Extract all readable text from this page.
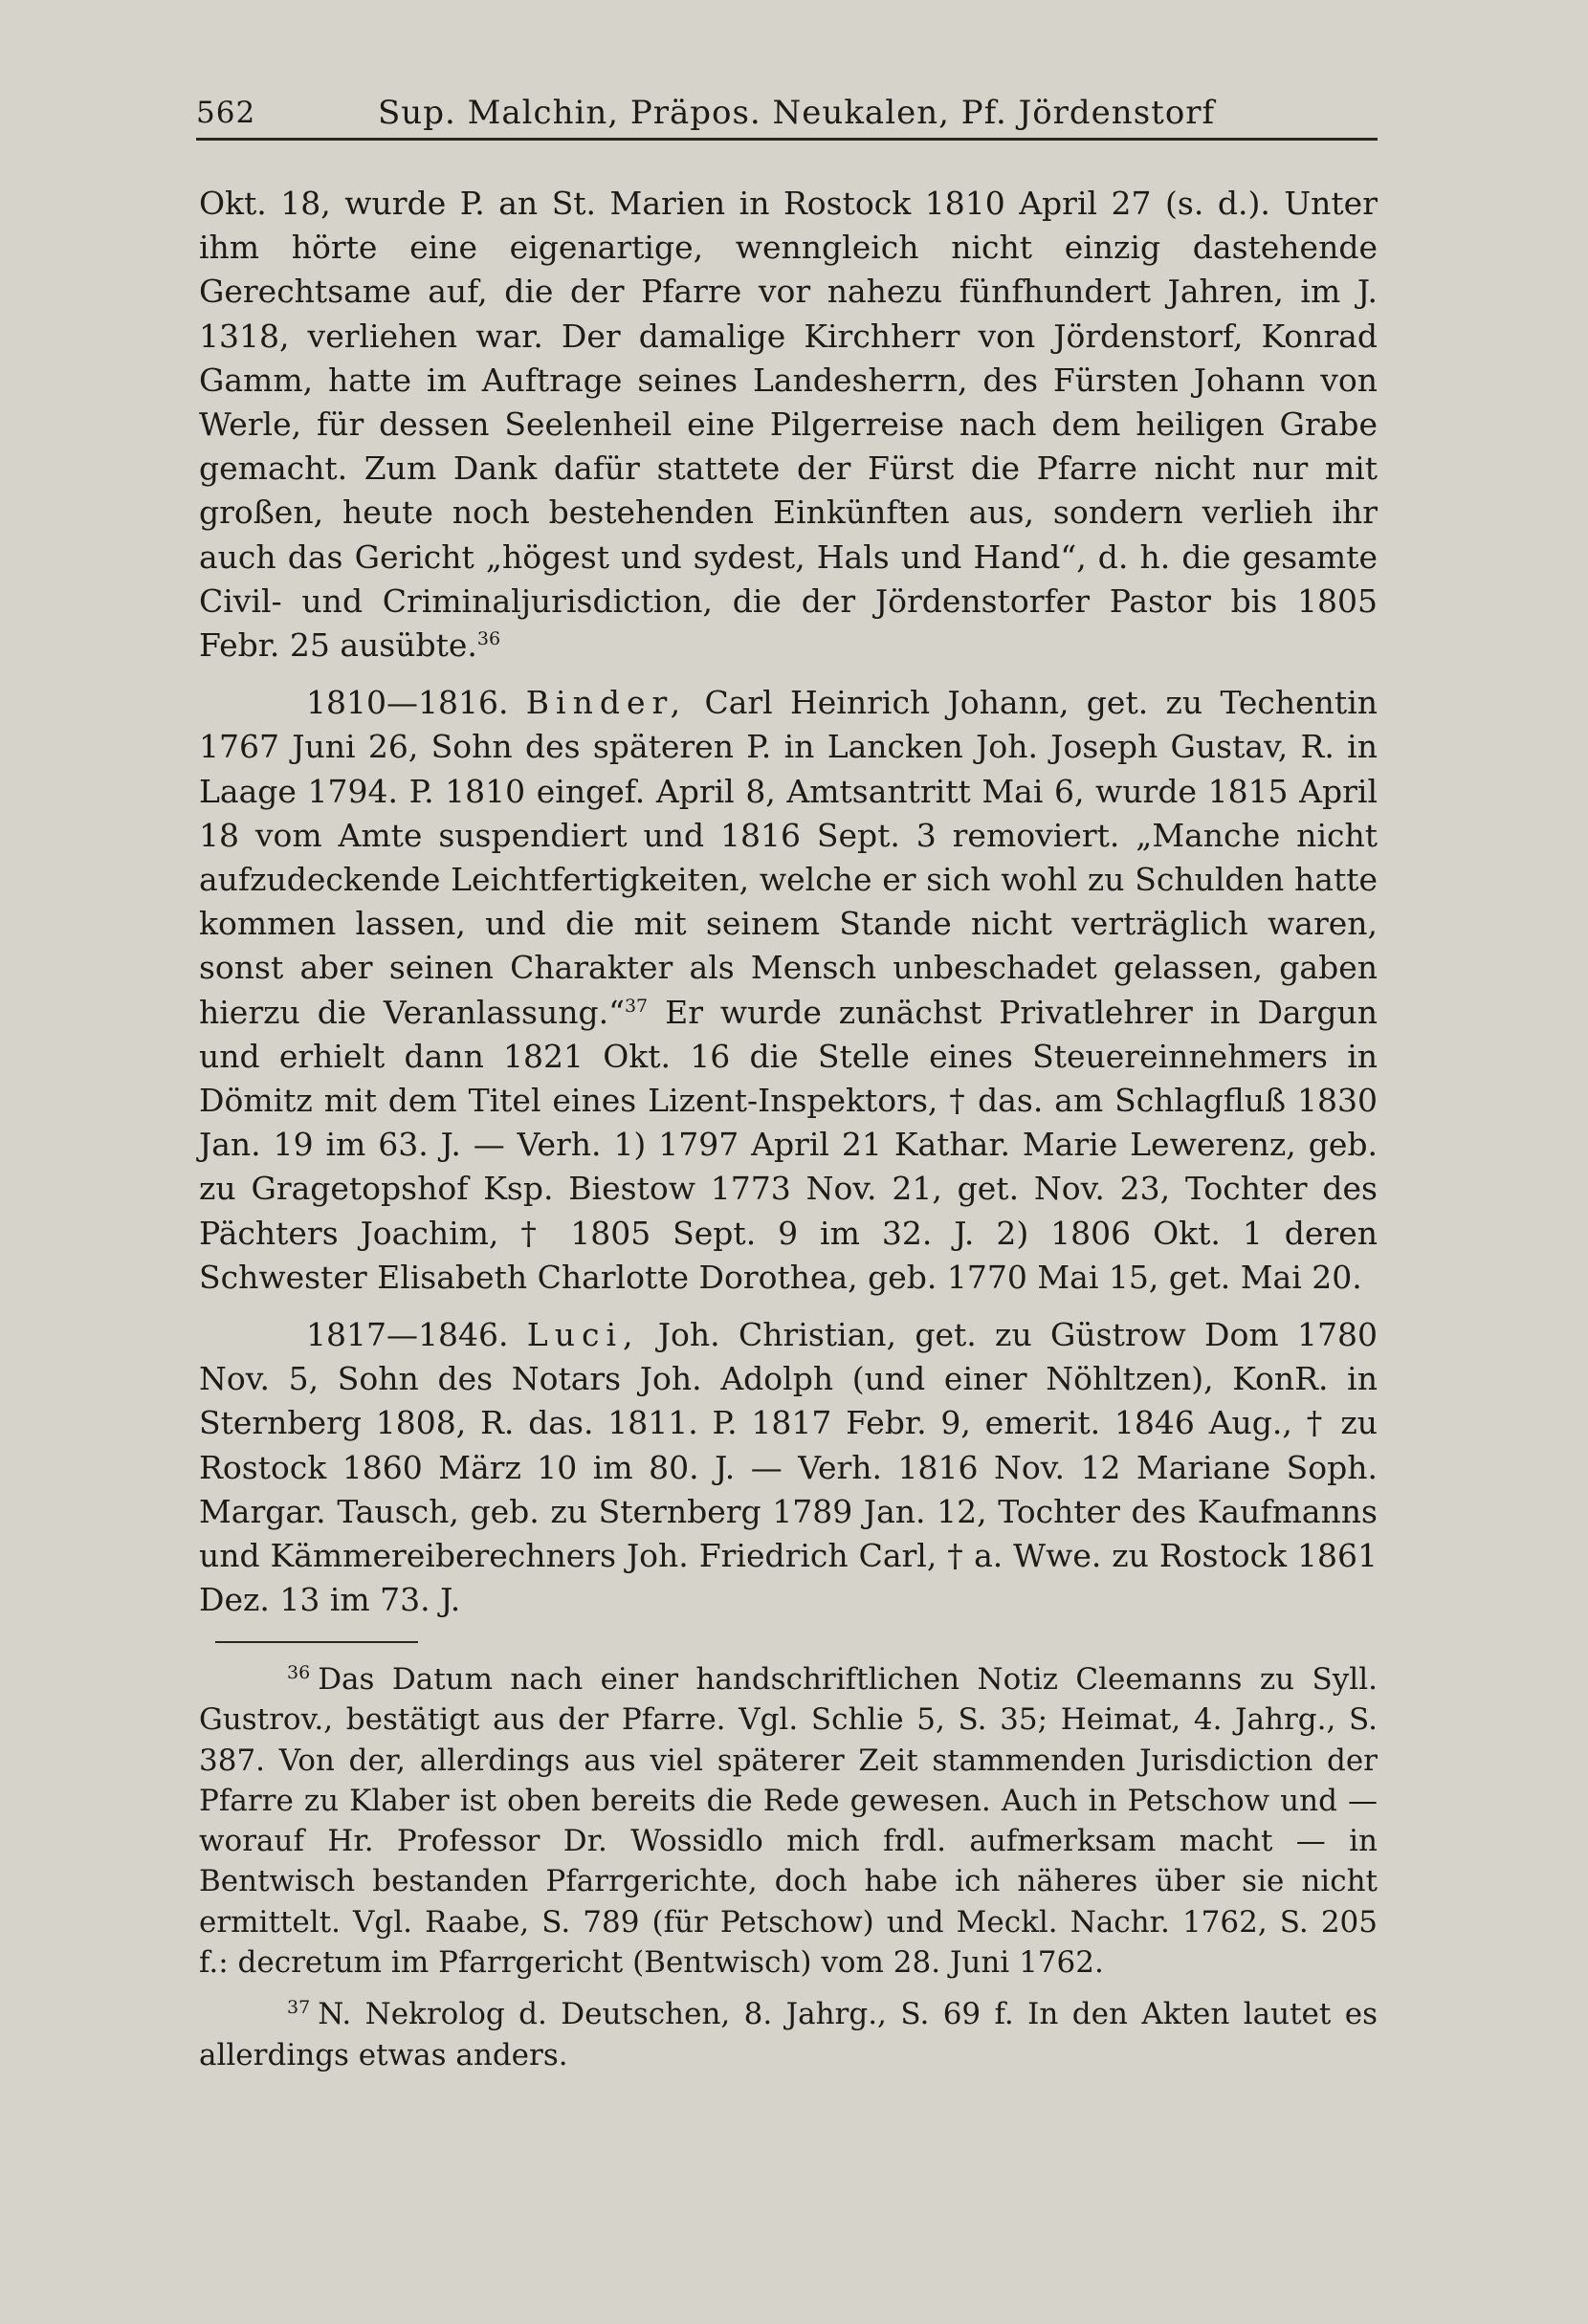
562	Sup. Malchin, Präpos. Neukalen, Pf. Jördenstorf

Okt. 18, wurde P. an St. Marien in Rostock 1810 April 27 (s. d.). Unter ihm hörte eine eigenartige, wenngleich nicht einzig dastehende Gerechtsame auf, die der Pfarre vor nahezu fünfhundert Jahren, im J. 1318, verliehen war. Der damalige Kirchherr von Jördenstorf, Konrad Gamm, hatte im Auftrage seines Landesherrn, des Fürsten Johann von Werle, für dessen Seelenheil eine Pilgerreise nach dem heiligen Grabe gemacht. Zum Dank dafür stattete der Fürst die Pfarre nicht nur mit großen, heute noch bestehenden Einkünften aus, sondern verlieh ihr auch das Gericht „högest und sydest, Hals und Hand“, d. h. die gesamte Civil- und Criminaljurisdiction, die der Jördenstorfer Pastor bis 1805 Febr. 25 ausübte.$^{36}$

1810—1816. Binder, Carl Heinrich Johann, get. zu Techentin 1767 Juni 26, Sohn des späteren P. in Lancken Joh. Joseph Gustav, R. in Laage 1794. P. 1810 eingef. April 8, Amtsantritt Mai 6, wurde 1815 April 18 vom Amte suspendiert und 1816 Sept. 3 removiert. „Manche nicht aufzudeckende Leichtfertigkeiten, welche er sich wohl zu Schulden hatte kommen lassen, und die mit seinem Stande nicht verträglich waren, sonst aber seinen Charakter als Mensch unbeschadet gelassen, gaben hierzu die Veranlassung.“$^{37}$ Er wurde zunächst Privatlehrer in Dargun und erhielt dann 1821 Okt. 16 die Stelle eines Steuereinnehmers in Dömitz mit dem Titel eines Lizent-Inspektors, † das. am Schlagfluß 1830 Jan. 19 im 63. J. — Verh. 1) 1797 April 21 Kathar. Marie Lewerenz, geb. zu Gragetopshof Ksp. Biestow 1773 Nov. 21, get. Nov. 23, Tochter des Pächters Joachim, † 1805 Sept. 9 im 32. J. 2) 1806 Okt. 1 deren Schwester Elisabeth Charlotte Dorothea, geb. 1770 Mai 15, get. Mai 20.

1817—1846. Luci, Joh. Christian, get. zu Güstrow Dom 1780 Nov. 5, Sohn des Notars Joh. Adolph (und einer Nöhltzen), KonR. in Sternberg 1808, R. das. 1811. P. 1817 Febr. 9, emerit. 1846 Aug., † zu Rostock 1860 März 10 im 80. J. — Verh. 1816 Nov. 12 Mariane Soph. Margar. Tausch, geb. zu Sternberg 1789 Jan. 12, Tochter des Kaufmanns und Kämmereiberechners Joh. Friedrich Carl, † a. Wwe. zu Rostock 1861 Dez. 13 im 73. J.

$^{36}$ Das Datum nach einer handschriftlichen Notiz Cleemanns zu Syll. Gustrov., bestätigt aus der Pfarre. Vgl. Schlie 5, S. 35; Heimat, 4. Jahrg., S. 387. Von der, allerdings aus viel späterer Zeit stammenden Jurisdiction der Pfarre zu Klaber ist oben bereits die Rede gewesen. Auch in Petschow und — worauf Hr. Professor Dr. Wossidlo mich frdl. aufmerksam macht — in Bentwisch bestanden Pfarrgerichte, doch habe ich näheres über sie nicht ermittelt. Vgl. Raabe, S. 789 (für Petschow) und Meckl. Nachr. 1762, S. 205 f.: decretum im Pfarrgericht (Bentwisch) vom 28. Juni 1762.

$^{37}$ N. Nekrolog d. Deutschen, 8. Jahrg., S. 69 f. In den Akten lautet es allerdings etwas anders.
